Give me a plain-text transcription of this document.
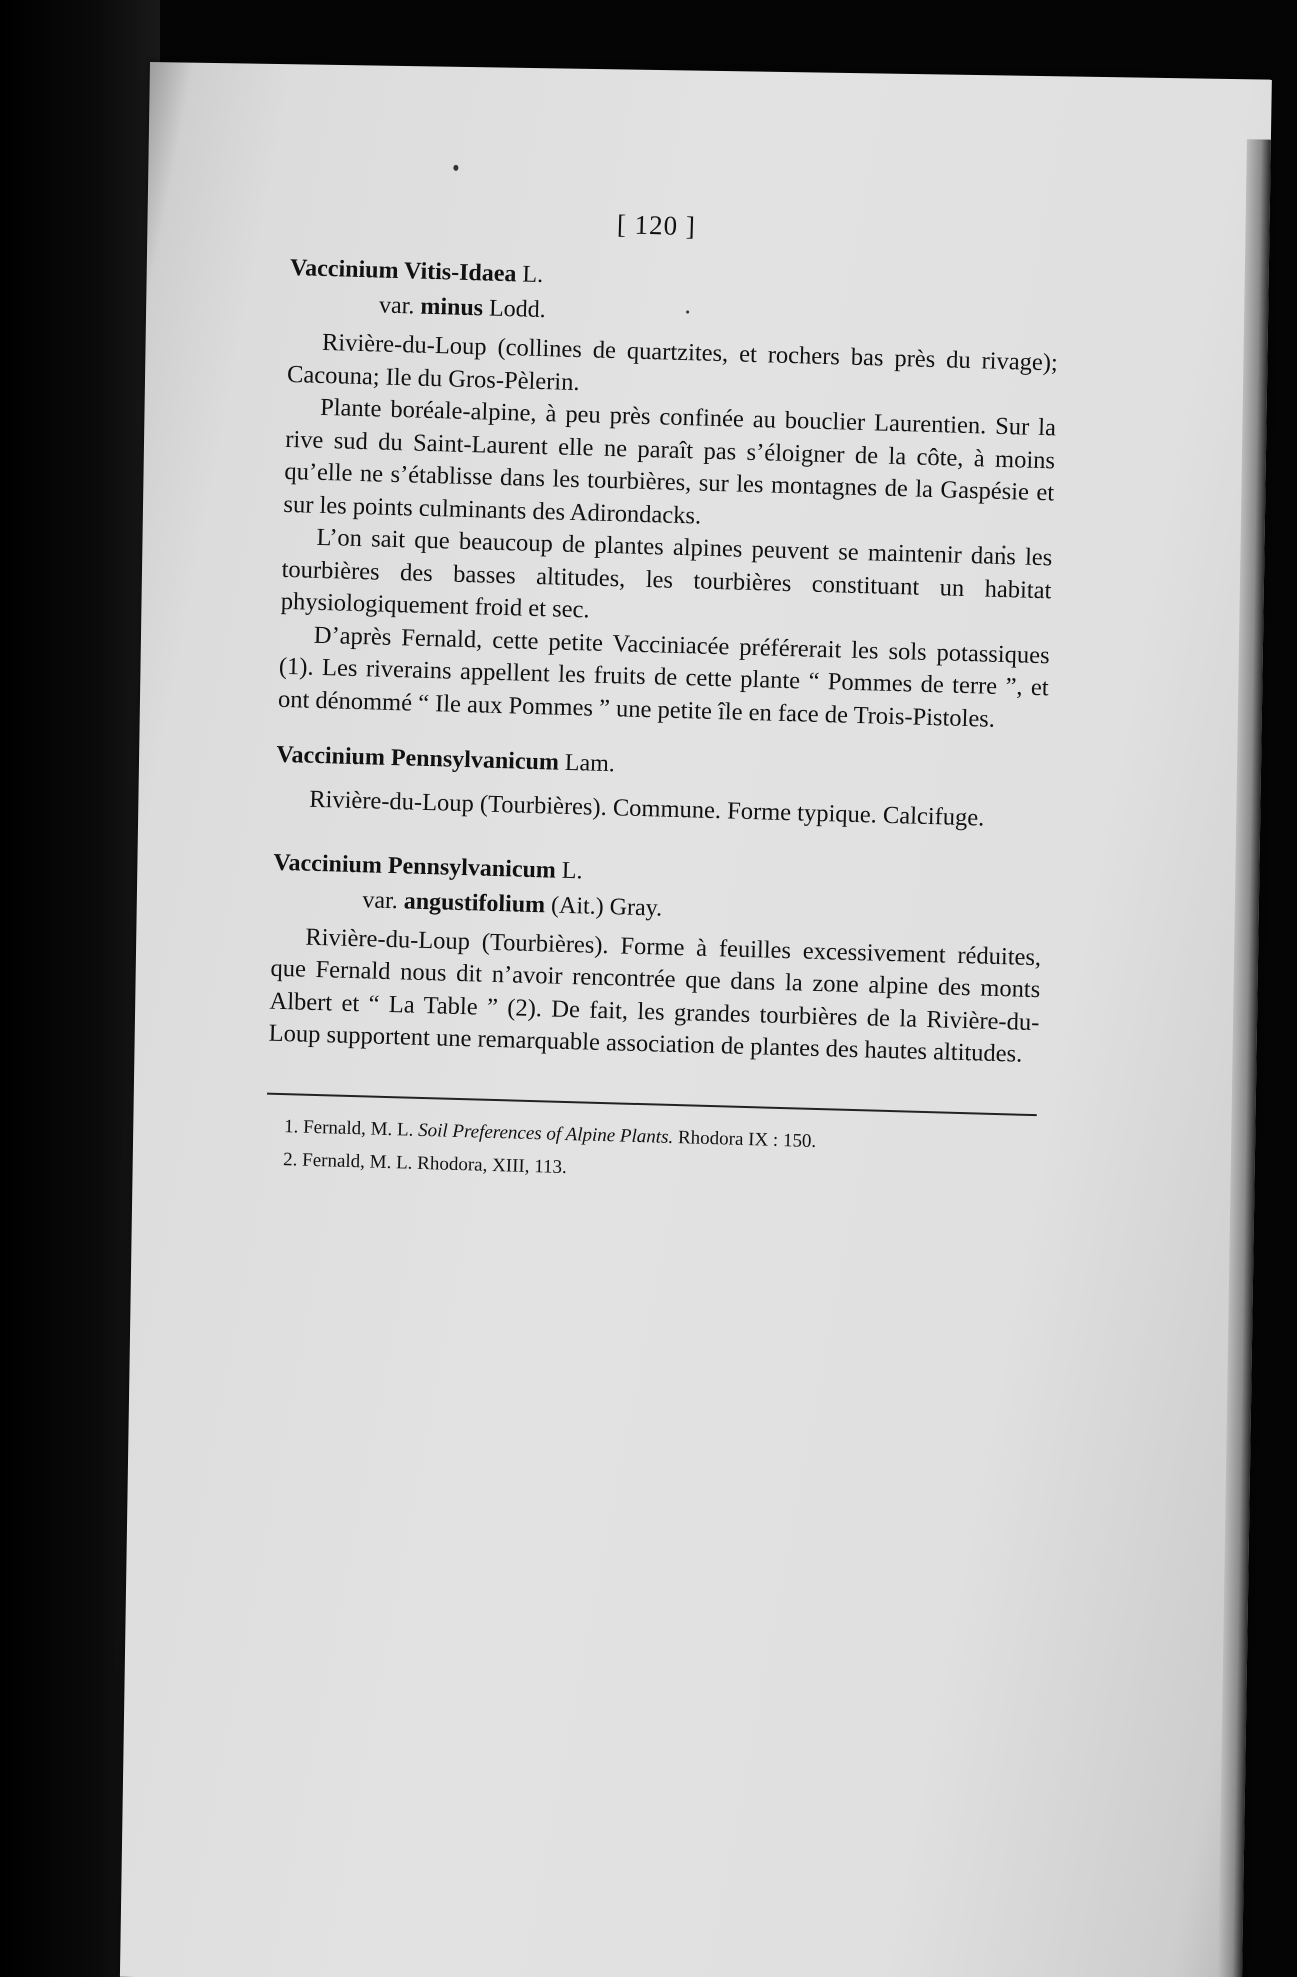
[ 120 ]

Vaccinium Vitis-Idaea L.

var. minus Lodd.

Rivière-du-Loup (collines de quartzites, et rochers bas près du rivage); Cacouna; Ile du Gros-Pèlerin.

Plante boréale-alpine, à peu près confinée au bouclier Laurentien. Sur la rive sud du Saint-Laurent elle ne paraît pas s’éloigner de la côte, à moins qu’elle ne s’établisse dans les tourbières, sur les montagnes de la Gaspésie et sur les points culminants des Adirondacks.

L’on sait que beaucoup de plantes alpines peuvent se maintenir dans les tourbières des basses altitudes, les tourbières constituant un habitat physiologiquement froid et sec.

D’après Fernald, cette petite Vacciniacée préférerait les sols potassiques (1). Les riverains appellent les fruits de cette plante “ Pommes de terre ”, et ont dénommé “ Ile aux Pommes ” une petite île en face de Trois-Pistoles.

Vaccinium Pennsylvanicum Lam.

Rivière-du-Loup (Tourbières). Commune. Forme typique. Calcifuge.

Vaccinium Pennsylvanicum L.

var. angustifolium (Ait.) Gray.

Rivière-du-Loup (Tourbières). Forme à feuilles excessivement réduites, que Fernald nous dit n’avoir rencontrée que dans la zone alpine des monts Albert et “ La Table ” (2). De fait, les grandes tourbières de la Rivière-du-Loup supportent une remarquable association de plantes des hautes altitudes.

1. Fernald, M. L. Soil Preferences of Alpine Plants. Rhodora IX : 150.

2. Fernald, M. L. Rhodora, XIII, 113.
